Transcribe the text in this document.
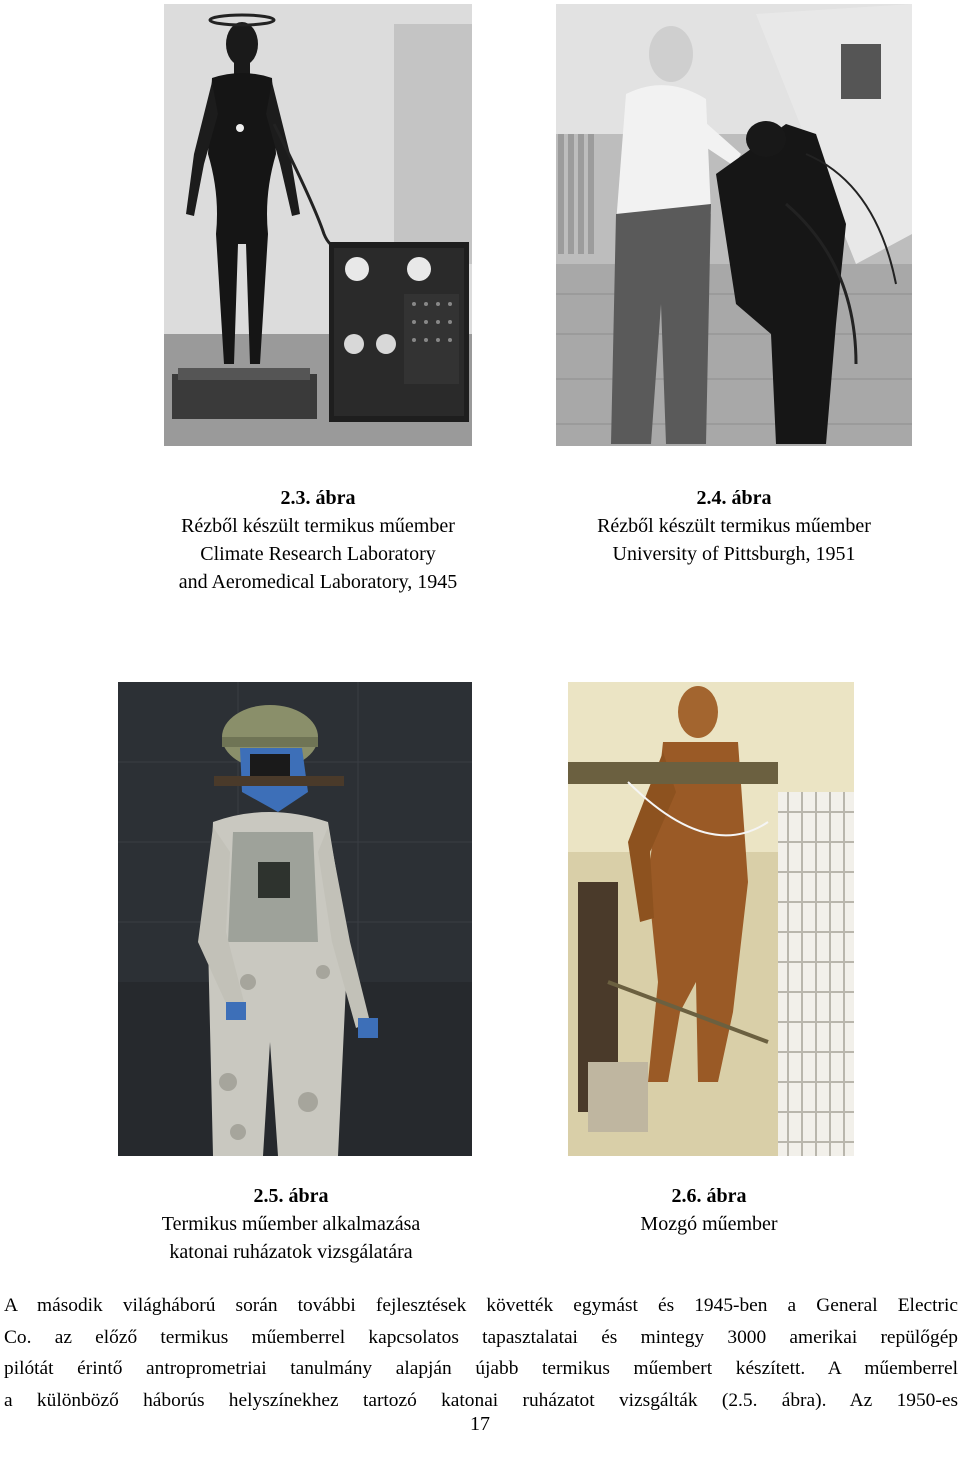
2.3. ábra
Rézből készült termikus műember
Climate Research Laboratory
and Aeromedical Laboratory, 1945
2.4. ábra
Rézből készült termikus műember
University of Pittsburgh, 1951
2.5. ábra
Termikus műember alkalmazása
katonai ruházatok vizsgálatára
2.6. ábra
Mozgó műember
A második világháború során további fejlesztések követték egymást és 1945-ben a General Electric
Co. az előző termikus műemberrel kapcsolatos tapasztalatai és mintegy 3000 amerikai repülőgép
pilótát érintő antroprometriai tanulmány alapján újabb termikus műembert készített. A műemberrel
a különböző háborús helyszínekhez tartozó katonai ruházatot vizsgálták (2.5. ábra). Az 1950-es
17
